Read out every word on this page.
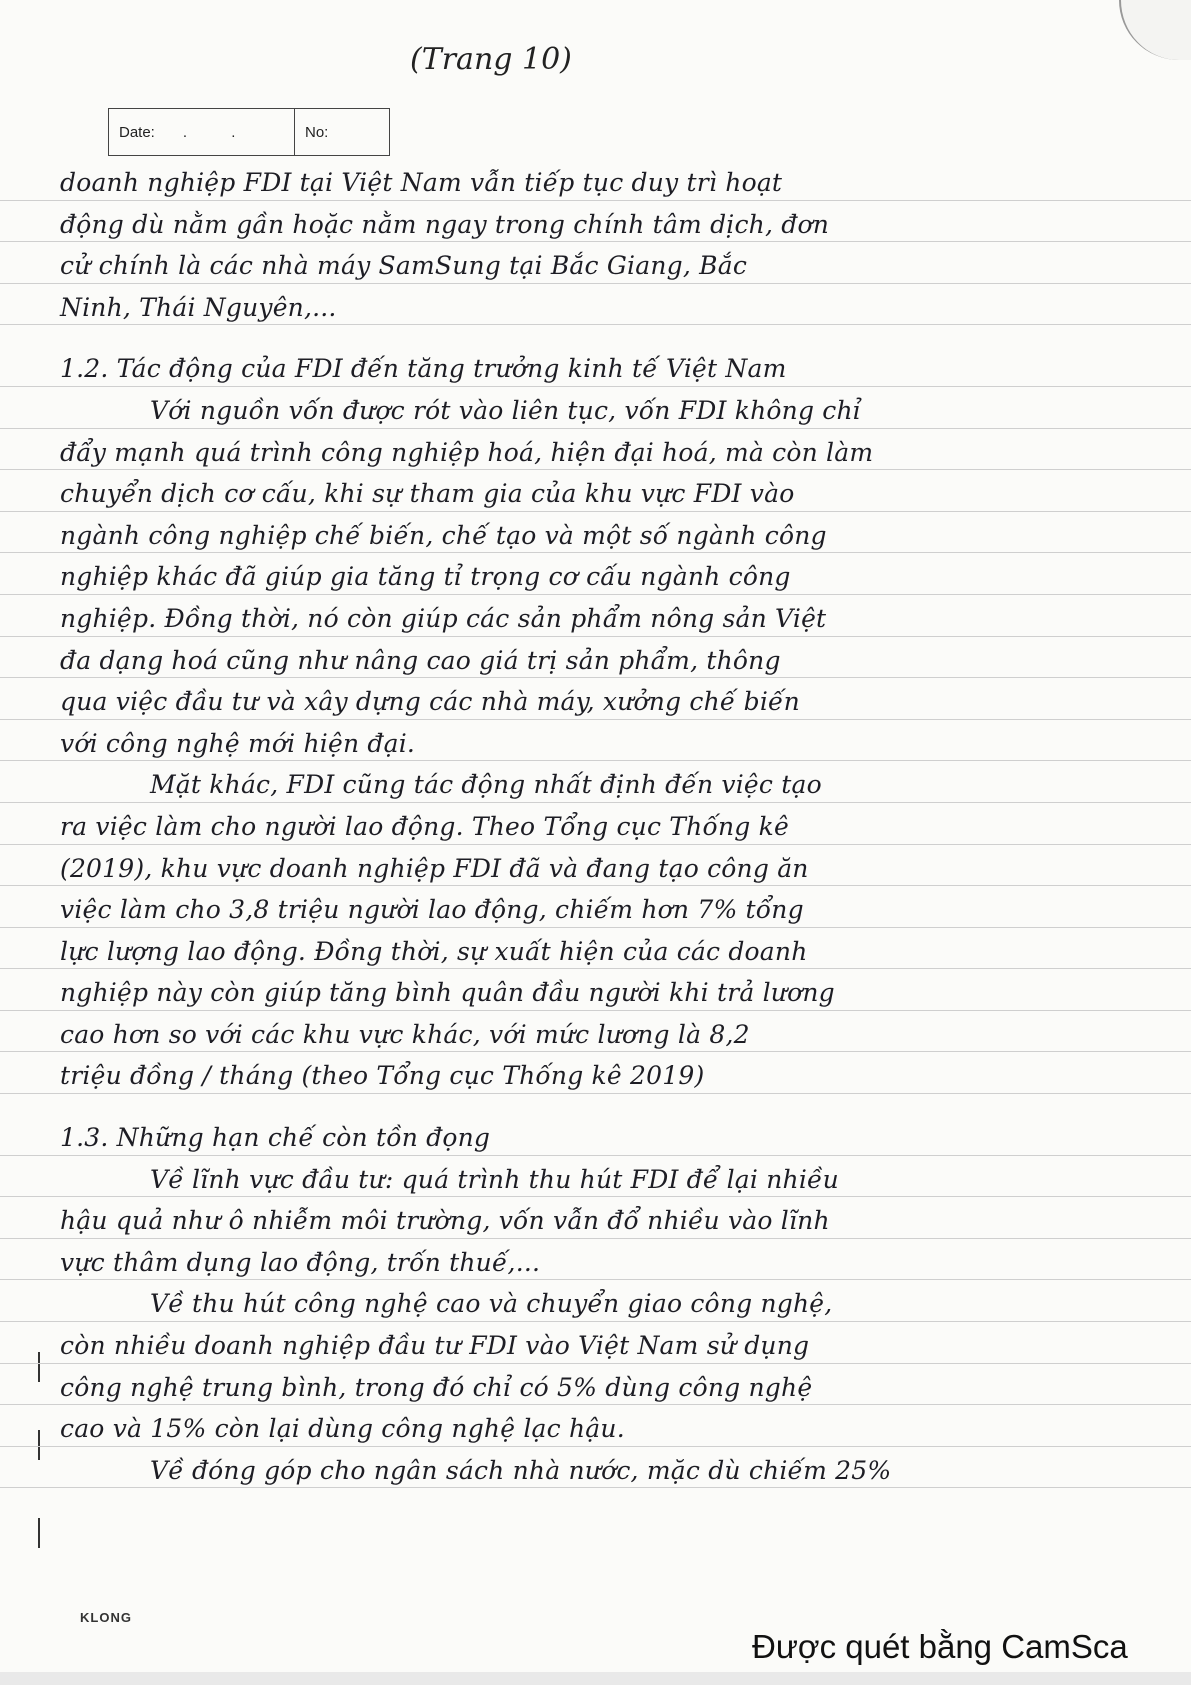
(Trang 10)
Date: . .	No:
doanh nghiệp FDI tại Việt Nam vẫn tiếp tục duy trì hoạt
động dù nằm gần hoặc nằm ngay trong chính tâm dịch, đơn
cử chính là các nhà máy SamSung tại Bắc Giang, Bắc
Ninh, Thái Nguyên,...
1.2. Tác động của FDI đến tăng trưởng kinh tế Việt Nam
Với nguồn vốn được rót vào liên tục, vốn FDI không chỉ
đẩy mạnh quá trình công nghiệp hoá, hiện đại hoá, mà còn làm
chuyển dịch cơ cấu, khi sự tham gia của khu vực FDI vào
ngành công nghiệp chế biến, chế tạo và một số ngành công
nghiệp khác đã giúp gia tăng tỉ trọng cơ cấu ngành công
nghiệp. Đồng thời, nó còn giúp các sản phẩm nông sản Việt
đa dạng hoá cũng như nâng cao giá trị sản phẩm, thông
qua việc đầu tư và xây dựng các nhà máy, xưởng chế biến
với công nghệ mới hiện đại.
Mặt khác, FDI cũng tác động nhất định đến việc tạo
ra việc làm cho người lao động. Theo Tổng cục Thống kê
(2019), khu vực doanh nghiệp FDI đã và đang tạo công ăn
việc làm cho 3,8 triệu người lao động, chiếm hơn 7% tổng
lực lượng lao động. Đồng thời, sự xuất hiện của các doanh
nghiệp này còn giúp tăng bình quân đầu người khi trả lương
cao hơn so với các khu vực khác, với mức lương là 8,2
triệu đồng / tháng (theo Tổng cục Thống kê 2019)
1.3. Những hạn chế còn tồn đọng
Về lĩnh vực đầu tư: quá trình thu hút FDI để lại nhiều
hậu quả như ô nhiễm môi trường, vốn vẫn đổ nhiều vào lĩnh
vực thâm dụng lao động, trốn thuế,...
Về thu hút công nghệ cao và chuyển giao công nghệ,
còn nhiều doanh nghiệp đầu tư FDI vào Việt Nam sử dụng
công nghệ trung bình, trong đó chỉ có 5% dùng công nghệ
cao và 15% còn lại dùng công nghệ lạc hậu.
Về đóng góp cho ngân sách nhà nước, mặc dù chiếm 25%
KLONG
Được quét bằng CamSca
